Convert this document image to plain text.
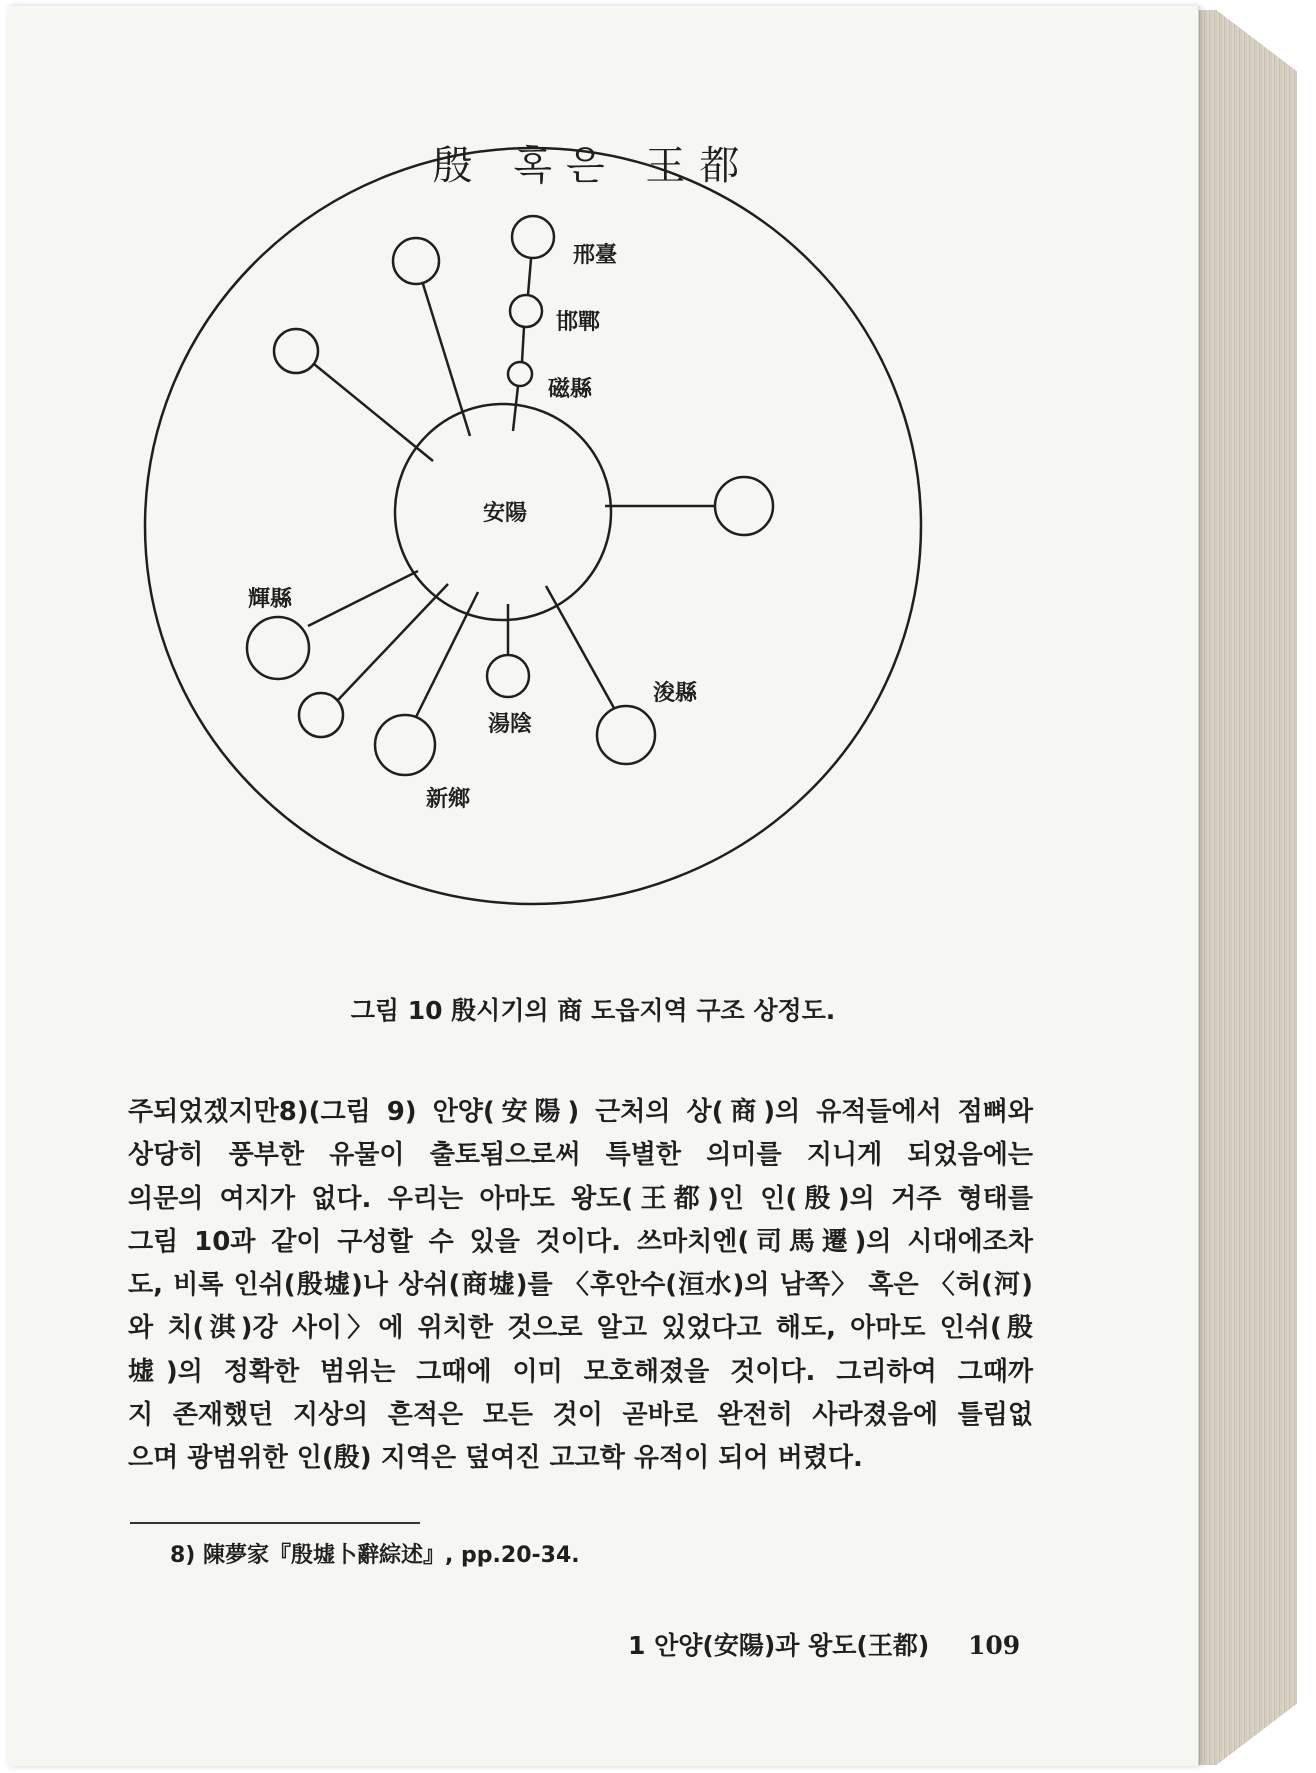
殷 혹은 王都
安陽
邢臺
邯鄲
磁縣
輝縣
湯陰
浚縣
新鄉
그림 10 殷시기의 商 도읍지역 구조 상정도.
주되었겠지만8)(그림 9) 안양(安陽) 근처의 상(商)의 유적들에서 점뼈와
상당히 풍부한 유물이 출토됨으로써 특별한 의미를 지니게 되었음에는
의문의 여지가 없다. 우리는 아마도 왕도(王都)인 인(殷)의 거주 형태를
그림 10과 같이 구성할 수 있을 것이다. 쓰마치엔(司馬遷)의 시대에조차
도, 비록 인쉬(殷墟)나 상쉬(商墟)를 〈후안수(洹水)의 남쪽〉 혹은 〈허(河)
와 치(淇)강 사이〉에 위치한 것으로 알고 있었다고 해도, 아마도 인쉬(殷
墟)의 정확한 범위는 그때에 이미 모호해졌을 것이다. 그리하여 그때까
지 존재했던 지상의 흔적은 모든 것이 곧바로 완전히 사라졌음에 틀림없
으며 광범위한 인(殷) 지역은 덮여진 고고학 유적이 되어 버렸다.
8) 陳夢家『殷墟卜辭綜述』, pp.20-34.
1 안양(安陽)과 왕도(王都) 109
